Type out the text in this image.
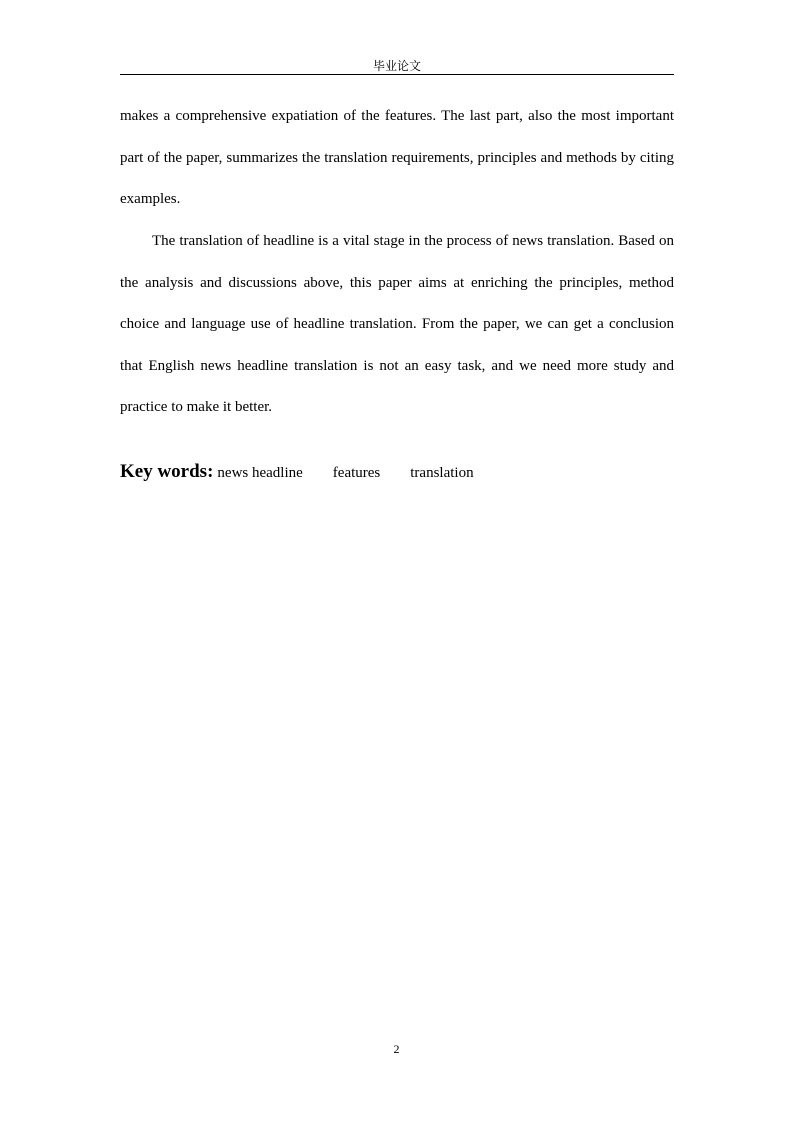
毕业论文

makes a comprehensive expatiation of the features. The last part, also the most important part of the paper, summarizes the translation requirements, principles and methods by citing examples.

The translation of headline is a vital stage in the process of news translation. Based on the analysis and discussions above, this paper aims at enriching the principles, method choice and language use of headline translation. From the paper, we can get a conclusion that English news headline translation is not an easy task, and we need more study and practice to make it better.

Key words: news headline features translation
2
